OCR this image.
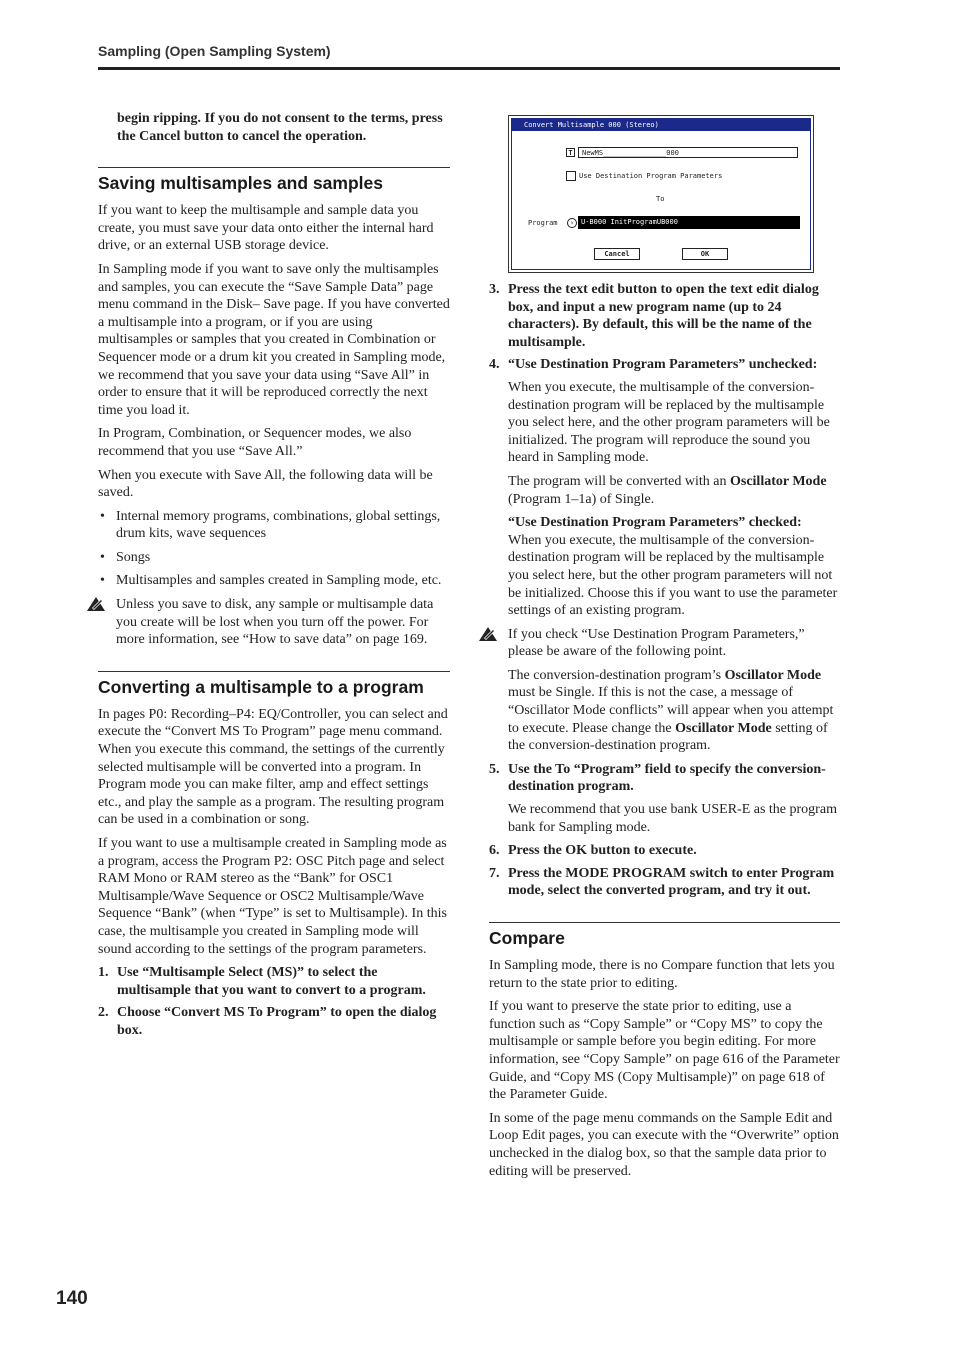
Sampling (Open Sampling System)

begin ripping. If you do not consent to the terms, press the Cancel button to cancel the operation.

Saving multisamples and samples

If you want to keep the multisample and sample data you create, you must save your data onto either the internal hard drive, or an external USB storage device.

In Sampling mode if you want to save only the multisamples and samples, you can execute the “Save Sample Data” page menu command in the Disk– Save page. If you have converted a multisample into a program, or if you are using multisamples or samples that you created in Combination or Sequencer mode or a drum kit you created in Sampling mode, we recommend that you save your data using “Save All” in order to ensure that it will be reproduced correctly the next time you load it.

In Program, Combination, or Sequencer modes, we also recommend that you use “Save All.”

When you execute with Save All, the following data will be saved.

• Internal memory programs, combinations, global settings, drum kits, wave sequences
• Songs
• Multisamples and samples created in Sampling mode, etc.
Unless you save to disk, any sample or multisample data you create will be lost when you turn off the power. For more information, see “How to save data” on page 169.
Converting a multisample to a program

In pages P0: Recording–P4: EQ/Controller, you can select and execute the “Convert MS To Program” page menu command. When you execute this command, the settings of the currently selected multisample will be converted into a program. In Program mode you can make filter, amp and effect settings etc., and play the sample as a program. The resulting program can be used in a combination or song.

If you want to use a multisample created in Sampling mode as a program, access the Program P2: OSC Pitch page and select RAM Mono or RAM stereo as the “Bank” for OSC1 Multisample/Wave Sequence or OSC2 Multisample/Wave Sequence “Bank” (when “Type” is set to Multisample). In this case, the multisample you created in Sampling mode will sound according to the settings of the program parameters.

1. Use “Multisample Select (MS)” to select the multisample that you want to convert to a program.
2. Choose “Convert MS To Program” to open the dialog box.
Convert Multisample 000 (Stereo)
T	NewMS_______________000
Use Destination Program Parameters
To
Program	› U-B000 InitProgramUB000
Cancel	OK
3. Press the text edit button to open the text edit dialog box, and input a new program name (up to 24 characters). By default, this will be the name of the multisample.
4. “Use Destination Program Parameters” unchecked:

When you execute, the multisample of the conversion-destination program will be replaced by the multisample you select here, and the other program parameters will be initialized. The program will reproduce the sound you heard in Sampling mode.

The program will be converted with an Oscillator Mode (Program 1–1a) of Single.

“Use Destination Program Parameters” checked:
When you execute, the multisample of the conversion-destination program will be replaced by the multisample you select here, but the other program parameters will not be initialized. Choose this if you want to use the parameter settings of an existing program.

If you check “Use Destination Program Parameters,” please be aware of the following point.

The conversion-destination program’s Oscillator Mode must be Single. If this is not the case, a message of “Oscillator Mode conflicts” will appear when you attempt to execute. Please change the Oscillator Mode setting of the conversion-destination program.

5. Use the To “Program” field to specify the conversion-destination program.

We recommend that you use bank USER-E as the program bank for Sampling mode.

6. Press the OK button to execute.
7. Press the MODE PROGRAM switch to enter Program mode, select the converted program, and try it out.
Compare

In Sampling mode, there is no Compare function that lets you return to the state prior to editing.

If you want to preserve the state prior to editing, use a function such as “Copy Sample” or “Copy MS” to copy the multisample or sample before you begin editing. For more information, see “Copy Sample” on page 616 of the Parameter Guide, and “Copy MS (Copy Multisample)” on page 618 of the Parameter Guide.

In some of the page menu commands on the Sample Edit and Loop Edit pages, you can execute with the “Overwrite” option unchecked in the dialog box, so that the sample data prior to editing will be preserved.

140
